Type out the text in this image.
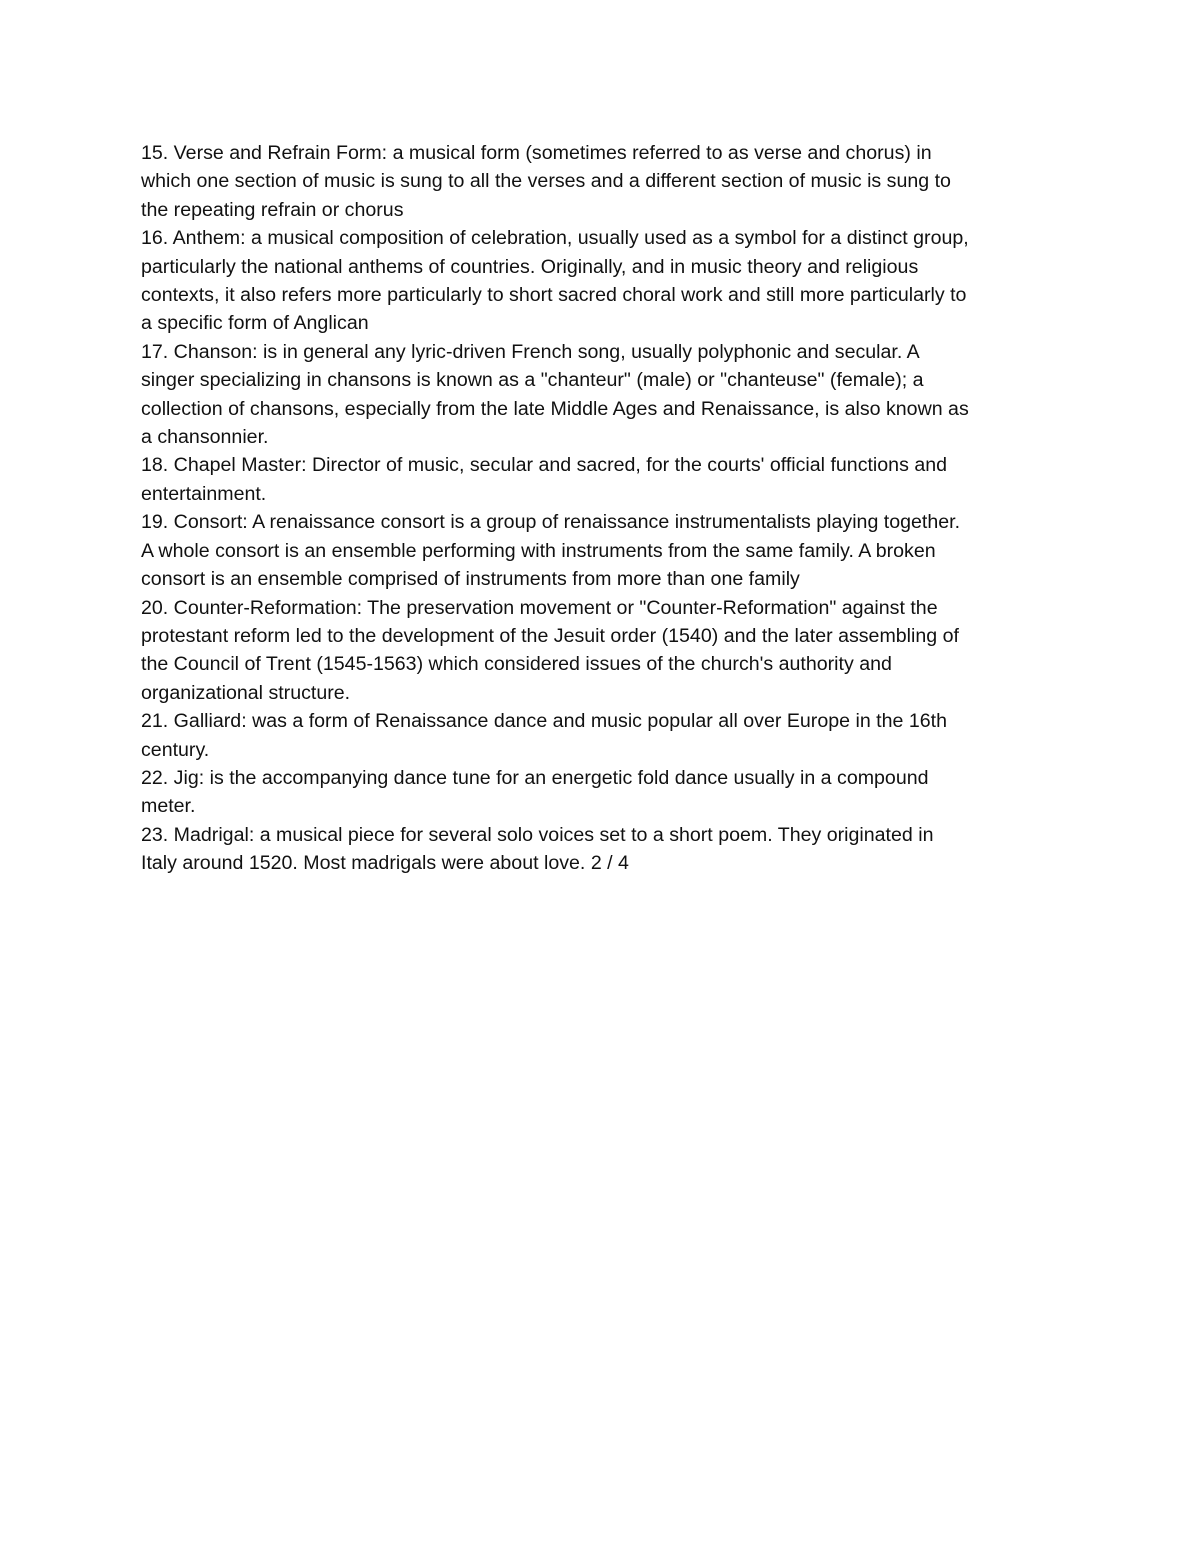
15. Verse and Refrain Form: a musical form (sometimes referred to as verse and chorus) in
which one section of music is sung to all the verses and a different section of music is sung to
the repeating refrain or chorus
16. Anthem: a musical composition of celebration, usually used as a symbol for a distinct group,
particularly the national anthems of countries. Originally, and in music theory and religious
contexts, it also refers more particularly to short sacred choral work and still more particularly to
a specific form of Anglican
17. Chanson: is in general any lyric-driven French song, usually polyphonic and secular. A
singer specializing in chansons is known as a "chanteur" (male) or "chanteuse" (female); a
collection of chansons, especially from the late Middle Ages and Renaissance, is also known as
a chansonnier.
18. Chapel Master: Director of music, secular and sacred, for the courts' official functions and
entertainment.
19. Consort: A renaissance consort is a group of renaissance instrumentalists playing together.
A whole consort is an ensemble performing with instruments from the same family. A broken
consort is an ensemble comprised of instruments from more than one family
20. Counter-Reformation: The preservation movement or "Counter-Reformation" against the
protestant reform led to the development of the Jesuit order (1540) and the later assembling of
the Council of Trent (1545-1563) which considered issues of the church's authority and
organizational structure.
21. Galliard: was a form of Renaissance dance and music popular all over Europe in the 16th
century.
22. Jig: is the accompanying dance tune for an energetic fold dance usually in a compound
meter.
23. Madrigal: a musical piece for several solo voices set to a short poem. They originated in
Italy around 1520. Most madrigals were about love. 2 / 4
